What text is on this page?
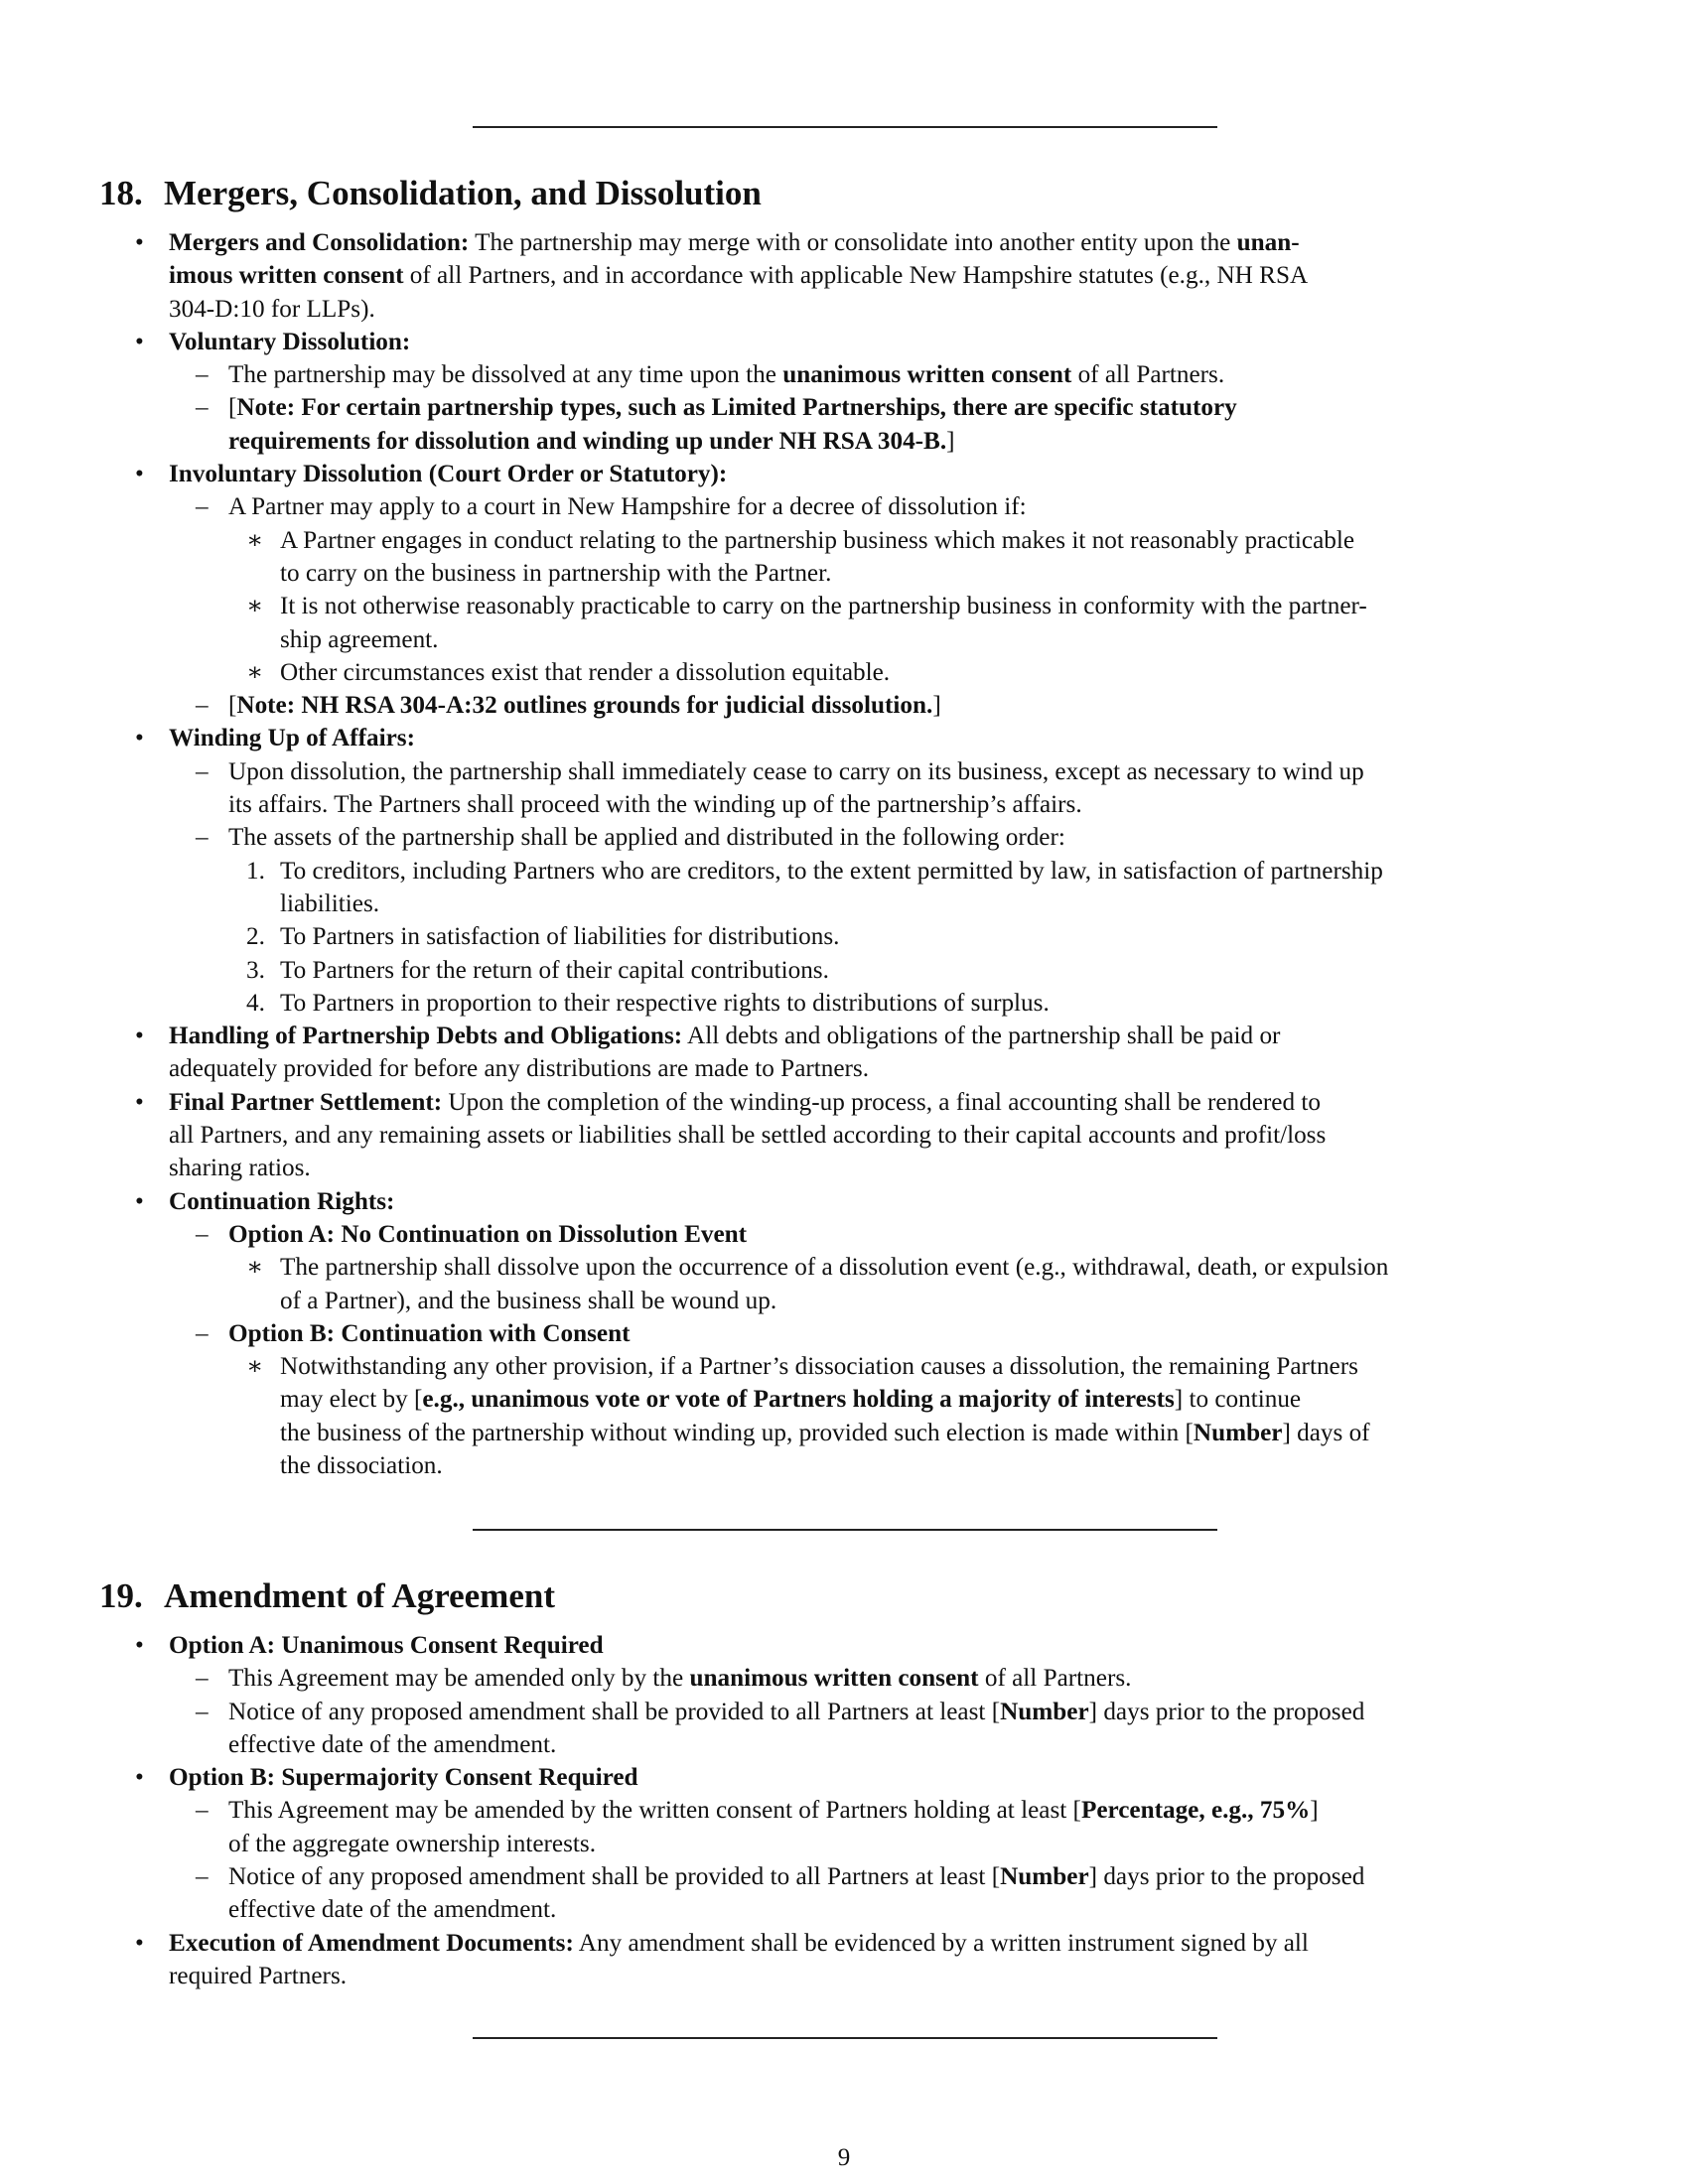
18. Mergers, Consolidation, and Dissolution
• Mergers and Consolidation: The partnership may merge with or consolidate into another entity upon the unan-
imous written consent of all Partners, and in accordance with applicable New Hampshire statutes (e.g., NH RSA
304-D:10 for LLPs).
• Voluntary Dissolution:
– The partnership may be dissolved at any time upon the unanimous written consent of all Partners.
– [Note: For certain partnership types, such as Limited Partnerships, there are specific statutory
requirements for dissolution and winding up under NH RSA 304-B.]
• Involuntary Dissolution (Court Order or Statutory):
– A Partner may apply to a court in New Hampshire for a decree of dissolution if:
∗ A Partner engages in conduct relating to the partnership business which makes it not reasonably practicable
to carry on the business in partnership with the Partner.
∗ It is not otherwise reasonably practicable to carry on the partnership business in conformity with the partner-
ship agreement.
∗ Other circumstances exist that render a dissolution equitable.
– [Note: NH RSA 304-A:32 outlines grounds for judicial dissolution.]
• Winding Up of Affairs:
– Upon dissolution, the partnership shall immediately cease to carry on its business, except as necessary to wind up
its affairs. The Partners shall proceed with the winding up of the partnership’s affairs.
– The assets of the partnership shall be applied and distributed in the following order:
1. To creditors, including Partners who are creditors, to the extent permitted by law, in satisfaction of partnership
liabilities.
2. To Partners in satisfaction of liabilities for distributions.
3. To Partners for the return of their capital contributions.
4. To Partners in proportion to their respective rights to distributions of surplus.
• Handling of Partnership Debts and Obligations: All debts and obligations of the partnership shall be paid or
adequately provided for before any distributions are made to Partners.
• Final Partner Settlement: Upon the completion of the winding-up process, a final accounting shall be rendered to
all Partners, and any remaining assets or liabilities shall be settled according to their capital accounts and profit/loss
sharing ratios.
• Continuation Rights:
– Option A: No Continuation on Dissolution Event
∗ The partnership shall dissolve upon the occurrence of a dissolution event (e.g., withdrawal, death, or expulsion
of a Partner), and the business shall be wound up.
– Option B: Continuation with Consent
∗ Notwithstanding any other provision, if a Partner’s dissociation causes a dissolution, the remaining Partners
may elect by [e.g., unanimous vote or vote of Partners holding a majority of interests] to continue
the business of the partnership without winding up, provided such election is made within [Number] days of
the dissociation.
19. Amendment of Agreement
• Option A: Unanimous Consent Required
– This Agreement may be amended only by the unanimous written consent of all Partners.
– Notice of any proposed amendment shall be provided to all Partners at least [Number] days prior to the proposed
effective date of the amendment.
• Option B: Supermajority Consent Required
– This Agreement may be amended by the written consent of Partners holding at least [Percentage, e.g., 75%]
of the aggregate ownership interests.
– Notice of any proposed amendment shall be provided to all Partners at least [Number] days prior to the proposed
effective date of the amendment.
• Execution of Amendment Documents: Any amendment shall be evidenced by a written instrument signed by all
required Partners.
9
